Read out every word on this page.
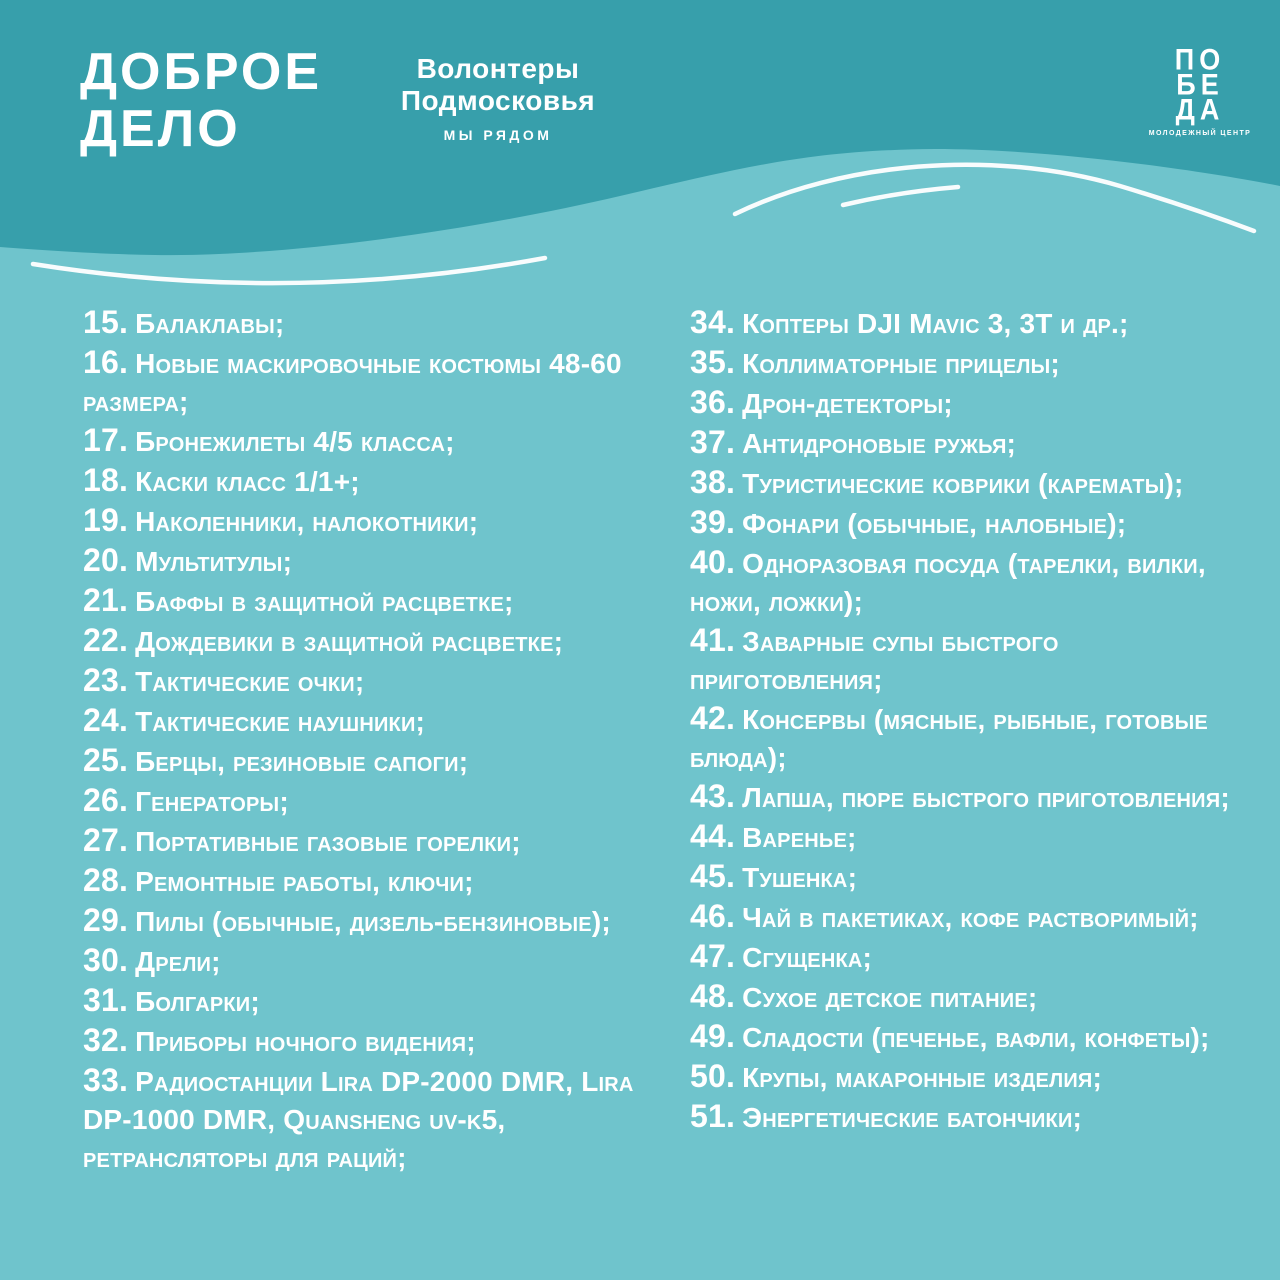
ДОБРОЕ
ДЕЛО
Волонтеры
Подмосковья
МЫ РЯДОМ
ПО
БЕ
ДА
МОЛОДЕЖНЫЙ ЦЕНТР
15. Балаклавы;
16. Новые маскировочные костюмы 48-60 размера;
17. Бронежилеты 4/5 класса;
18. Каски класс 1/1+;
19. Наколенники, налокотники;
20. Мультитулы;
21. Баффы в защитной расцветке;
22. Дождевики в защитной расцветке;
23. Тактические очки;
24. Тактические наушники;
25. Берцы, резиновые сапоги;
26. Генераторы;
27. Портативные газовые горелки;
28. Ремонтные работы, ключи;
29. Пилы (обычные, дизель-бензиновые);
30. Дрели;
31. Болгарки;
32. Приборы ночного видения;
33. Радиостанции Lira DP-2000 DMR, Lira DP-1000 DMR, Quansheng uv-k5, ретрансляторы для раций;
34. Коптеры DJI Mavic 3, 3T и др.;
35. Коллиматорные прицелы;
36. Дрон-детекторы;
37. Антидроновые ружья;
38. Туристические коврики (карематы);
39. Фонари (обычные, налобные);
40. Одноразовая посуда (тарелки, вилки, ножи, ложки);
41. Заварные супы быстрого приготовления;
42. Консервы (мясные, рыбные, готовые блюда);
43. Лапша, пюре быстрого приготовления;
44. Варенье;
45. Тушенка;
46. Чай в пакетиках, кофе растворимый;
47. Сгущенка;
48. Сухое детское питание;
49. Сладости (печенье, вафли, конфеты);
50. Крупы, макаронные изделия;
51. Энергетические батончики;
